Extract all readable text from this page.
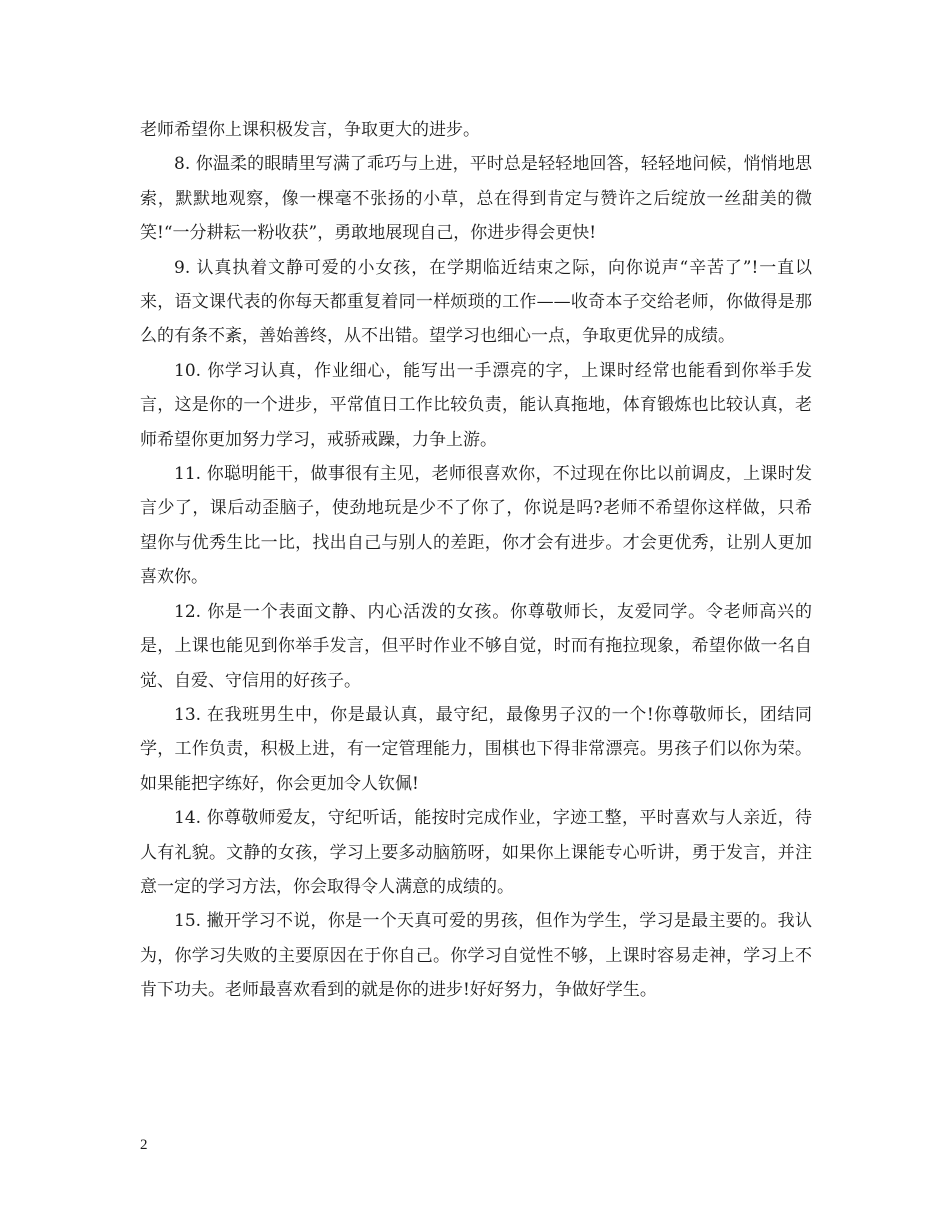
老师希望你上课积极发言，争取更大的进步。

8. 你温柔的眼睛里写满了乖巧与上进，平时总是轻轻地回答，轻轻地问候，悄悄地思索，默默地观察，像一棵毫不张扬的小草，总在得到肯定与赞许之后绽放一丝甜美的微笑!“一分耕耘一粉收获”，勇敢地展现自己，你进步得会更快!

9. 认真执着文静可爱的小女孩，在学期临近结束之际，向你说声“辛苦了”!一直以来，语文课代表的你每天都重复着同一样烦琐的工作——收奇本子交给老师，你做得是那么的有条不紊，善始善终，从不出错。望学习也细心一点，争取更优异的成绩。

10. 你学习认真，作业细心，能写出一手漂亮的字，上课时经常也能看到你举手发言，这是你的一个进步，平常值日工作比较负责，能认真拖地，体育锻炼也比较认真，老师希望你更加努力学习，戒骄戒躁，力争上游。

11. 你聪明能干，做事很有主见，老师很喜欢你，不过现在你比以前调皮，上课时发言少了，课后动歪脑子，使劲地玩是少不了你了，你说是吗?老师不希望你这样做，只希望你与优秀生比一比，找出自己与别人的差距，你才会有进步。才会更优秀，让别人更加喜欢你。

12. 你是一个表面文静、内心活泼的女孩。你尊敬师长，友爱同学。令老师高兴的是，上课也能见到你举手发言，但平时作业不够自觉，时而有拖拉现象，希望你做一名自觉、自爱、守信用的好孩子。

13. 在我班男生中，你是最认真，最守纪，最像男子汉的一个!你尊敬师长，团结同学，工作负责，积极上进，有一定管理能力，围棋也下得非常漂亮。男孩子们以你为荣。如果能把字练好，你会更加令人钦佩!

14. 你尊敬师爱友，守纪听话，能按时完成作业，字迹工整，平时喜欢与人亲近，待人有礼貌。文静的女孩，学习上要多动脑筋呀，如果你上课能专心听讲，勇于发言，并注意一定的学习方法，你会取得令人满意的成绩的。

15. 撇开学习不说，你是一个天真可爱的男孩，但作为学生，学习是最主要的。我认为，你学习失败的主要原因在于你自己。你学习自觉性不够，上课时容易走神，学习上不肯下功夫。老师最喜欢看到的就是你的进步!好好努力，争做好学生。

2
